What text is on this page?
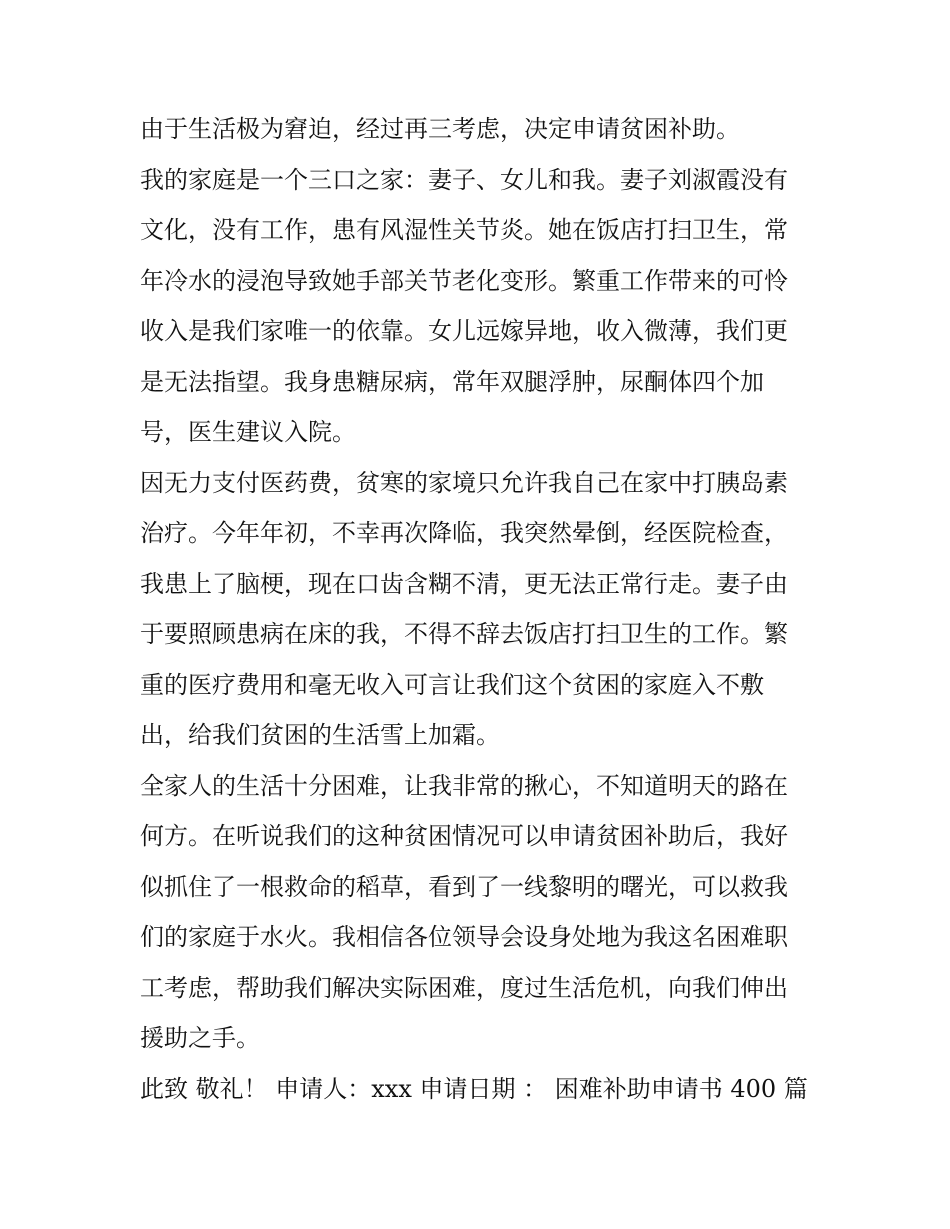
由于生活极为窘迫，经过再三考虑，决定申请贫困补助。
我的家庭是一个三口之家：妻子、女儿和我。妻子刘淑霞没有
文化，没有工作，患有风湿性关节炎。她在饭店打扫卫生，常
年冷水的浸泡导致她手部关节老化变形。繁重工作带来的可怜
收入是我们家唯一的依靠。女儿远嫁异地，收入微薄，我们更
是无法指望。我身患糖尿病，常年双腿浮肿，尿酮体四个加
号，医生建议入院。
因无力支付医药费，贫寒的家境只允许我自己在家中打胰岛素
治疗。今年年初，不幸再次降临，我突然晕倒，经医院检查，
我患上了脑梗，现在口齿含糊不清，更无法正常行走。妻子由
于要照顾患病在床的我，不得不辞去饭店打扫卫生的工作。繁
重的医疗费用和毫无收入可言让我们这个贫困的家庭入不敷
出，给我们贫困的生活雪上加霜。
全家人的生活十分困难，让我非常的揪心，不知道明天的路在
何方。在听说我们的这种贫困情况可以申请贫困补助后，我好
似抓住了一根救命的稻草，看到了一线黎明的曙光，可以救我
们的家庭于水火。我相信各位领导会设身处地为我这名困难职
工考虑，帮助我们解决实际困难，度过生活危机，向我们伸出
援助之手。
此致 敬礼！ 申请人：xxx 申请日期 ： 困难补助申请书 400 篇
